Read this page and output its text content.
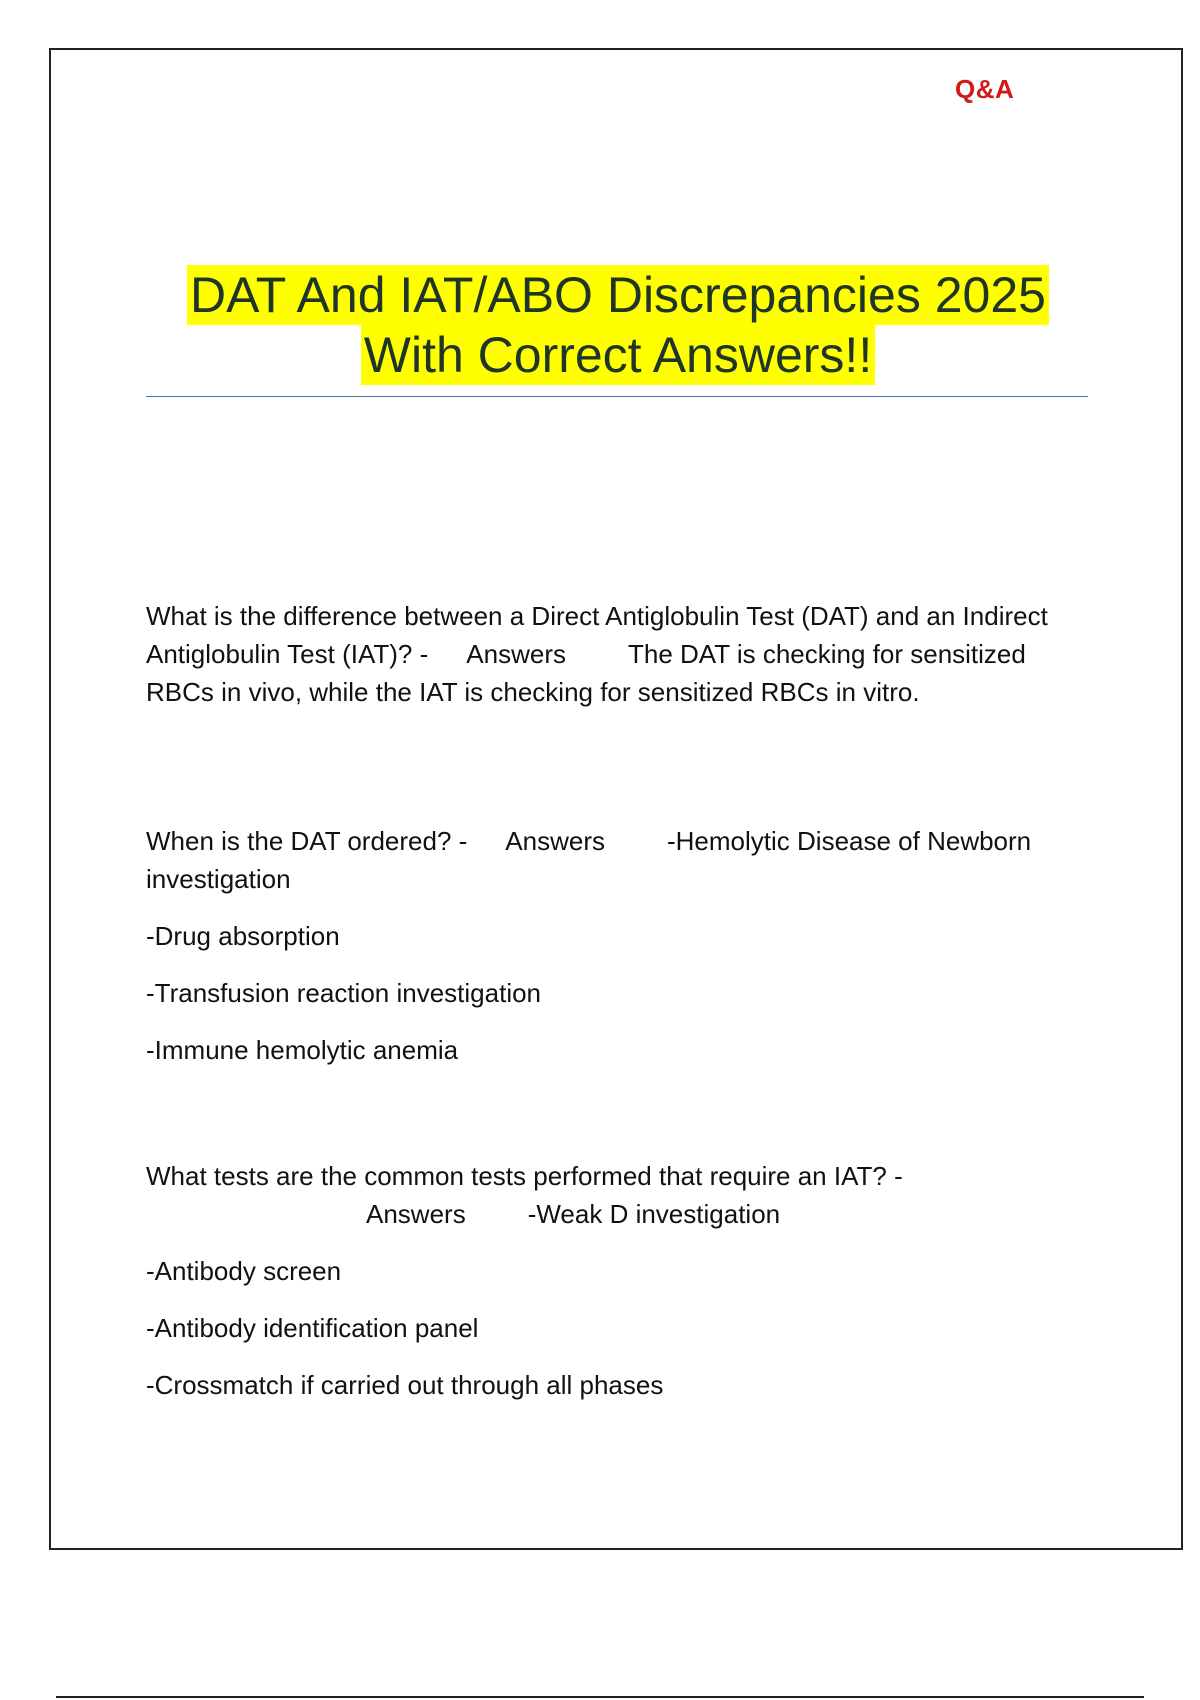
Q&A
DAT And IAT/ABO Discrepancies 2025
With Correct Answers!!

What is the difference between a Direct Antiglobulin Test (DAT) and an Indirect Antiglobulin Test (IAT)? - Answers The DAT is checking for sensitized RBCs in vivo, while the IAT is checking for sensitized RBCs in vitro.

When is the DAT ordered? - Answers -Hemolytic Disease of Newborn investigation

-Drug absorption

-Transfusion reaction investigation

-Immune hemolytic anemia

What tests are the common tests performed that require an IAT? -Answers -Weak D investigation

-Antibody screen

-Antibody identification panel

-Crossmatch if carried out through all phases
